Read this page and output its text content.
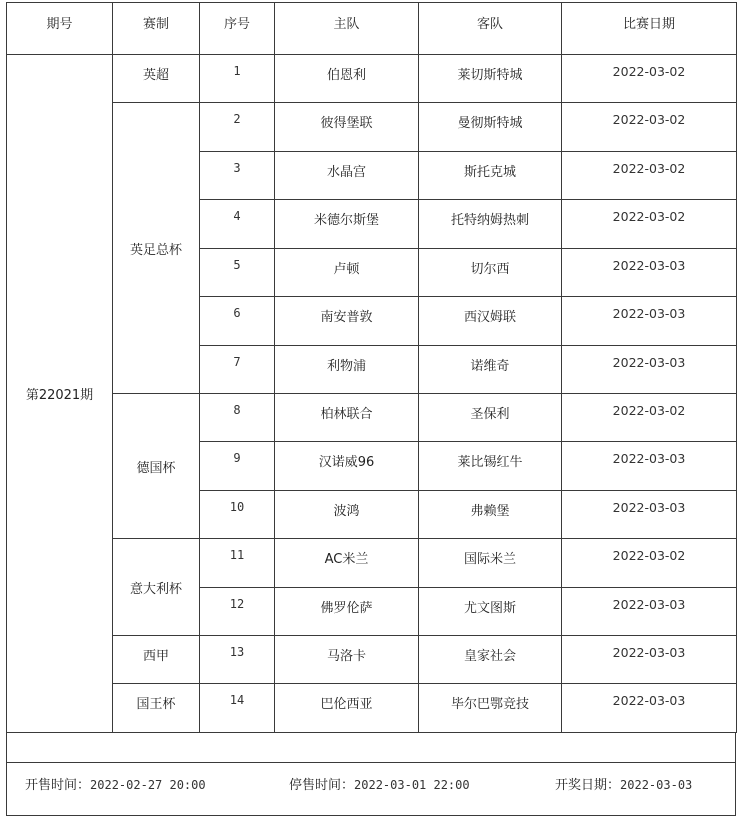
期号	赛制	序号	主队	客队	比赛日期
第22021期	英超	1	伯恩利	莱切斯特城	2022-03-02
	英足总杯	2	彼得堡联	曼彻斯特城	2022-03-02
		3	水晶宫	斯托克城	2022-03-02
		4	米德尔斯堡	托特纳姆热刺	2022-03-02
		5	卢顿	切尔西	2022-03-03
		6	南安普敦	西汉姆联	2022-03-03
		7	利物浦	诺维奇	2022-03-03
	德国杯	8	柏林联合	圣保利	2022-03-02
		9	汉诺威96	莱比锡红牛	2022-03-03
		10	波鸿	弗赖堡	2022-03-03
	意大利杯	11	AC米兰	国际米兰	2022-03-02
		12	佛罗伦萨	尤文图斯	2022-03-03
	西甲	13	马洛卡	皇家社会	2022-03-03
	国王杯	14	巴伦西亚	毕尔巴鄂竞技	2022-03-03
开售时间：2022-02-27 20:00	停售时间：2022-03-01 22:00	开奖日期：2022-03-03
